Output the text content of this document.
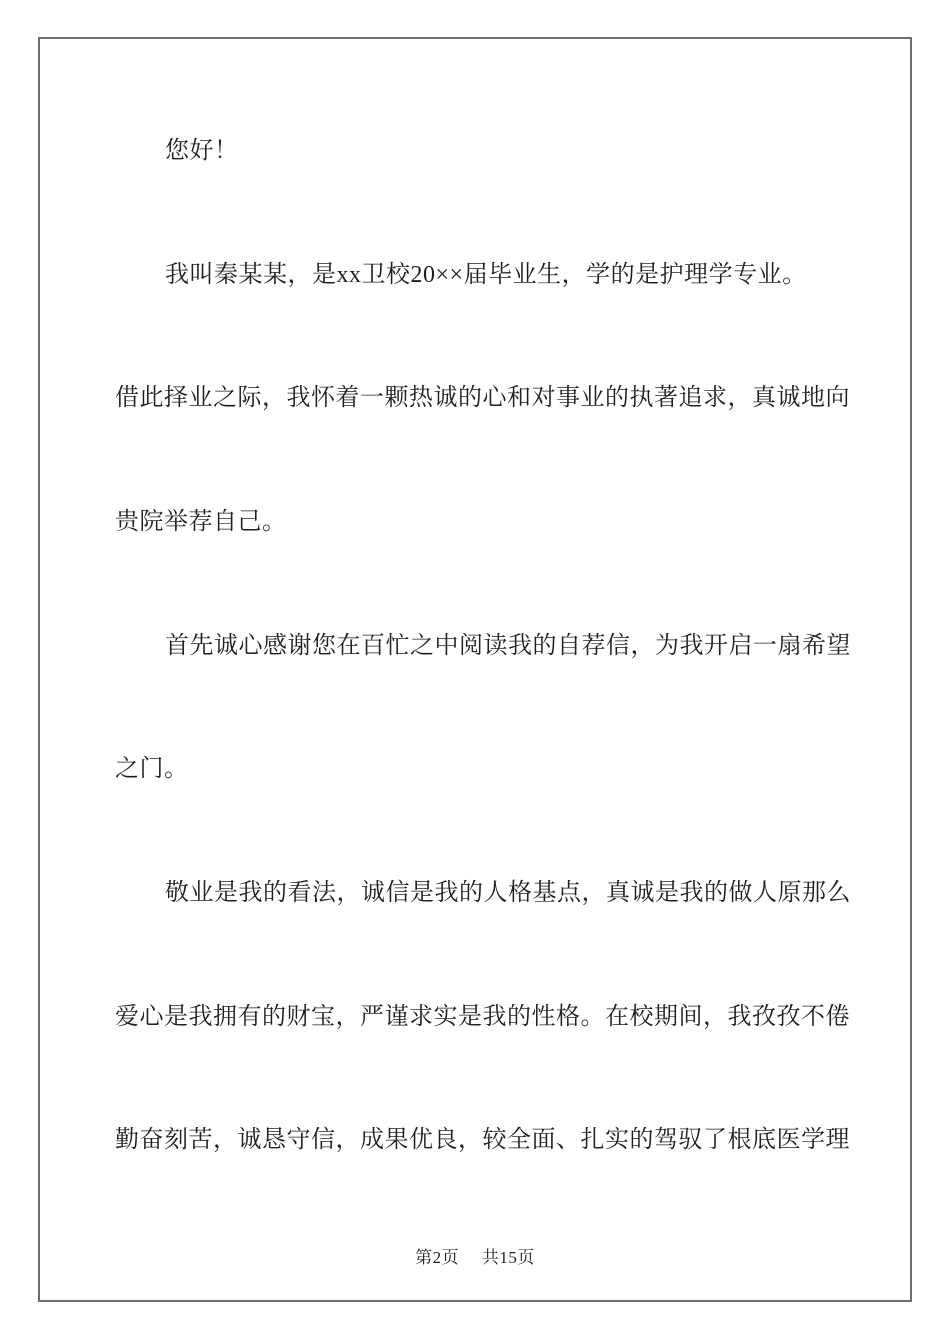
您好！
我叫秦某某，是xx卫校20××届毕业生，学的是护理学专业。
借此择业之际，我怀着一颗热诚的心和对事业的执著追求，真诚地向
贵院举荐自己。
首先诚心感谢您在百忙之中阅读我的自荐信，为我开启一扇希望
之门。
敬业是我的看法，诚信是我的人格基点，真诚是我的做人原那么
爱心是我拥有的财宝，严谨求实是我的性格。在校期间，我孜孜不倦
勤奋刻苦，诚恳守信，成果优良，较全面、扎实的驾驭了根底医学理
第2页 共15页
